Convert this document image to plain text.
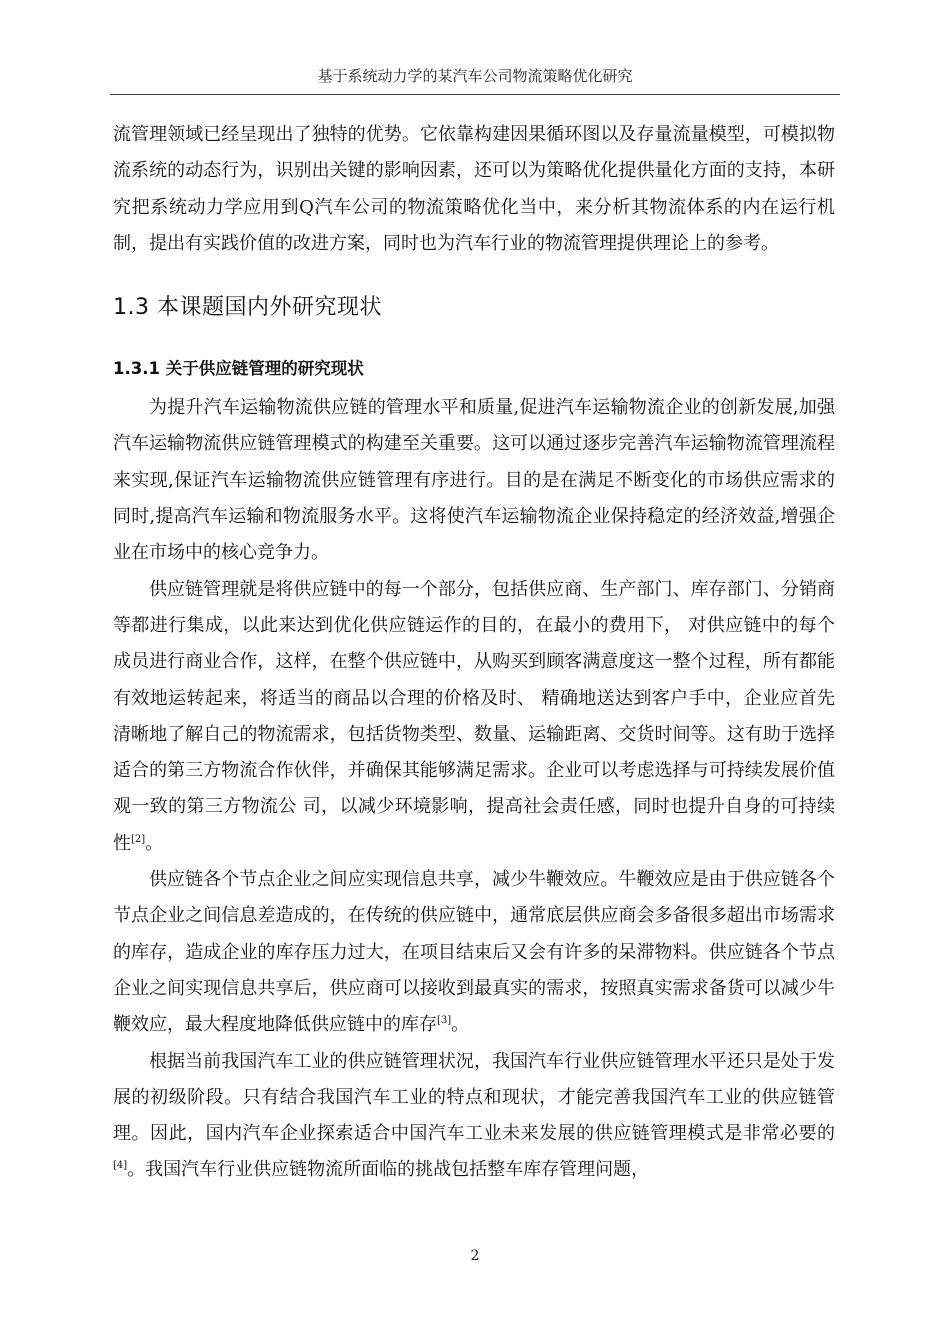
基于系统动力学的某汽车公司物流策略优化研究

流管理领域已经呈现出了独特的优势。它依靠构建因果循环图以及存量流量模型，可模拟物流系统的动态行为，识别出关键的影响因素，还可以为策略优化提供量化方面的支持，本研究把系统动力学应用到Q汽车公司的物流策略优化当中，来分析其物流体系的内在运行机制，提出有实践价值的改进方案，同时也为汽车行业的物流管理提供理论上的参考。

1.3 本课题国内外研究现状
1.3.1 关于供应链管理的研究现状

为提升汽车运输物流供应链的管理水平和质量,促进汽车运输物流企业的创新发展,加强汽车运输物流供应链管理模式的构建至关重要。这可以通过逐步完善汽车运输物流管理流程来实现,保证汽车运输物流供应链管理有序进行。目的是在满足不断变化的市场供应需求的同时,提高汽车运输和物流服务水平。这将使汽车运输物流企业保持稳定的经济效益,增强企业在市场中的核心竞争力。

供应链管理就是将供应链中的每一个部分，包括供应商、生产部门、库存部门、分销商等都进行集成，以此来达到优化供应链运作的目的，在最小的费用下， 对供应链中的每个成员进行商业合作，这样，在整个供应链中，从购买到顾客满意度这一整个过程，所有都能有效地运转起来，将适当的商品以合理的价格及时、 精确地送达到客户手中，企业应首先清晰地了解自己的物流需求，包括货物类型、数量、运输距离、交货时间等。这有助于选择适合的第三方物流合作伙伴，并确保其能够满足需求。企业可以考虑选择与可持续发展价值观一致的第三方物流公 司，以减少环境影响，提高社会责任感，同时也提升自身的可持续性[2]。

供应链各个节点企业之间应实现信息共享，减少牛鞭效应。牛鞭效应是由于供应链各个节点企业之间信息差造成的，在传统的供应链中，通常底层供应商会多备很多超出市场需求的库存，造成企业的库存压力过大，在项目结束后又会有许多的呆滞物料。供应链各个节点企业之间实现信息共享后，供应商可以接收到最真实的需求，按照真实需求备货可以减少牛鞭效应，最大程度地降低供应链中的库存[3]。

根据当前我国汽车工业的供应链管理状况，我国汽车行业供应链管理水平还只是处于发展的初级阶段。只有结合我国汽车工业的特点和现状，才能完善我国汽车工业的供应链管理。因此，国内汽车企业探索适合中国汽车工业未来发展的供应链管理模式是非常必要的[4]。我国汽车行业供应链物流所面临的挑战包括整车库存管理问题，

2
